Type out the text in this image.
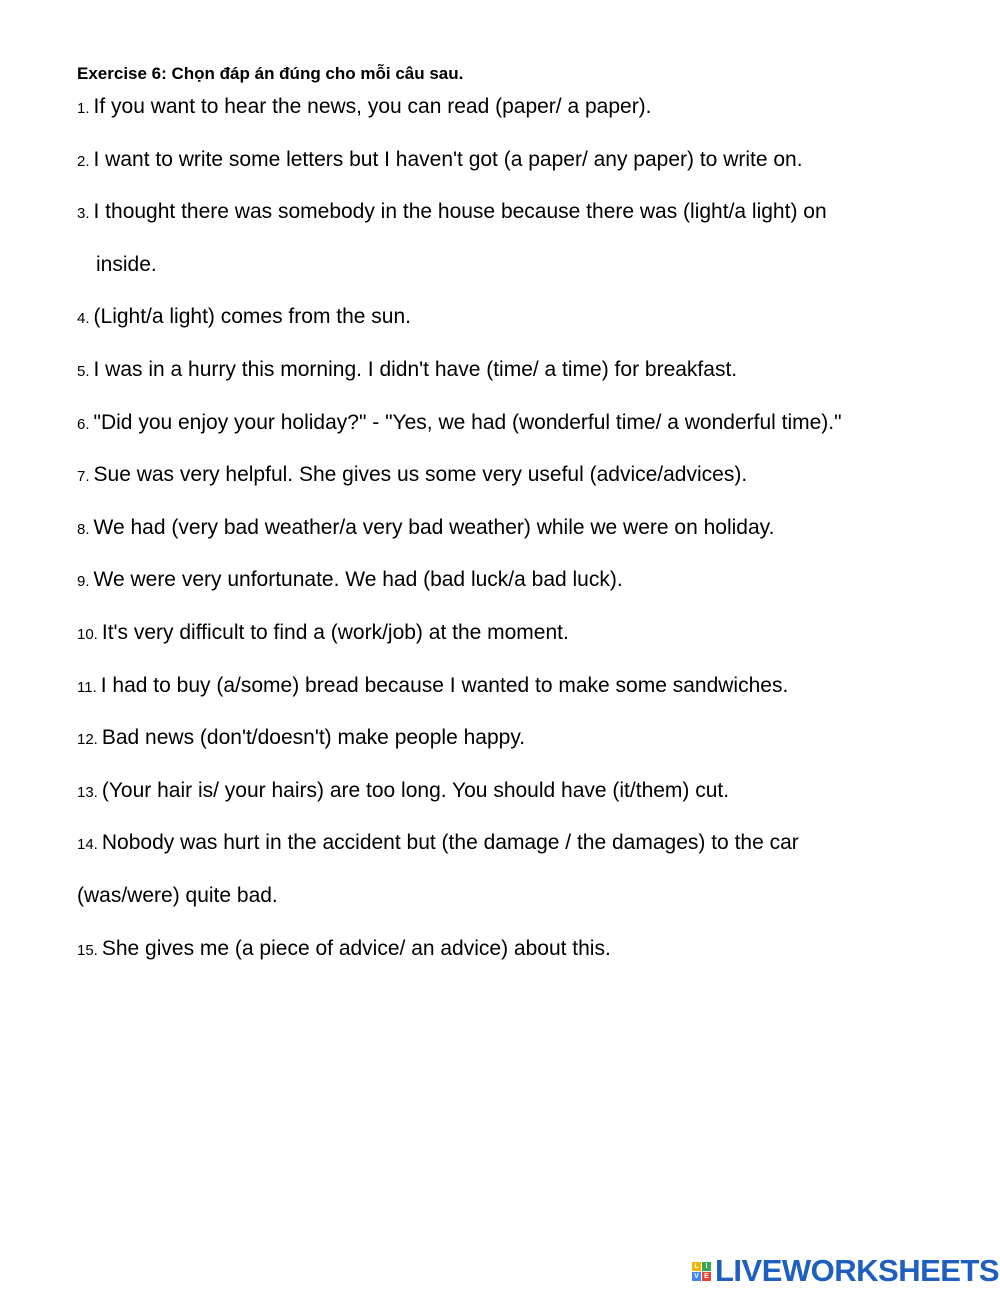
Exercise 6: Chọn đáp án đúng cho mỗi câu sau.
1. If you want to hear the news, you can read (paper/ a paper).
2. I want to write some letters but I haven't got (a paper/ any paper) to write on.
3. I thought there was somebody in the house because there was (light/a light) on
inside.
4. (Light/a light) comes from the sun.
5. I was in a hurry this morning. I didn't have (time/ a time) for breakfast.
6. "Did you enjoy your holiday?" - "Yes, we had (wonderful time/ a wonderful time)."
7. Sue was very helpful. She gives us some very useful (advice/advices).
8. We had (very bad weather/a very bad weather) while we were on holiday.
9. We were very unfortunate. We had (bad luck/a bad luck).
10. It's very difficult to find a (work/job) at the moment.
11. I had to buy (a/some) bread because I wanted to make some sandwiches.
12. Bad news (don't/doesn't) make people happy.
13. (Your hair is/ your hairs) are too long. You should have (it/them) cut.
14. Nobody was hurt in the accident but (the damage / the damages) to the car
(was/were) quite bad.
15. She gives me (a piece of advice/ an advice) about this.
L I
V E LIVEWORKSHEETS
